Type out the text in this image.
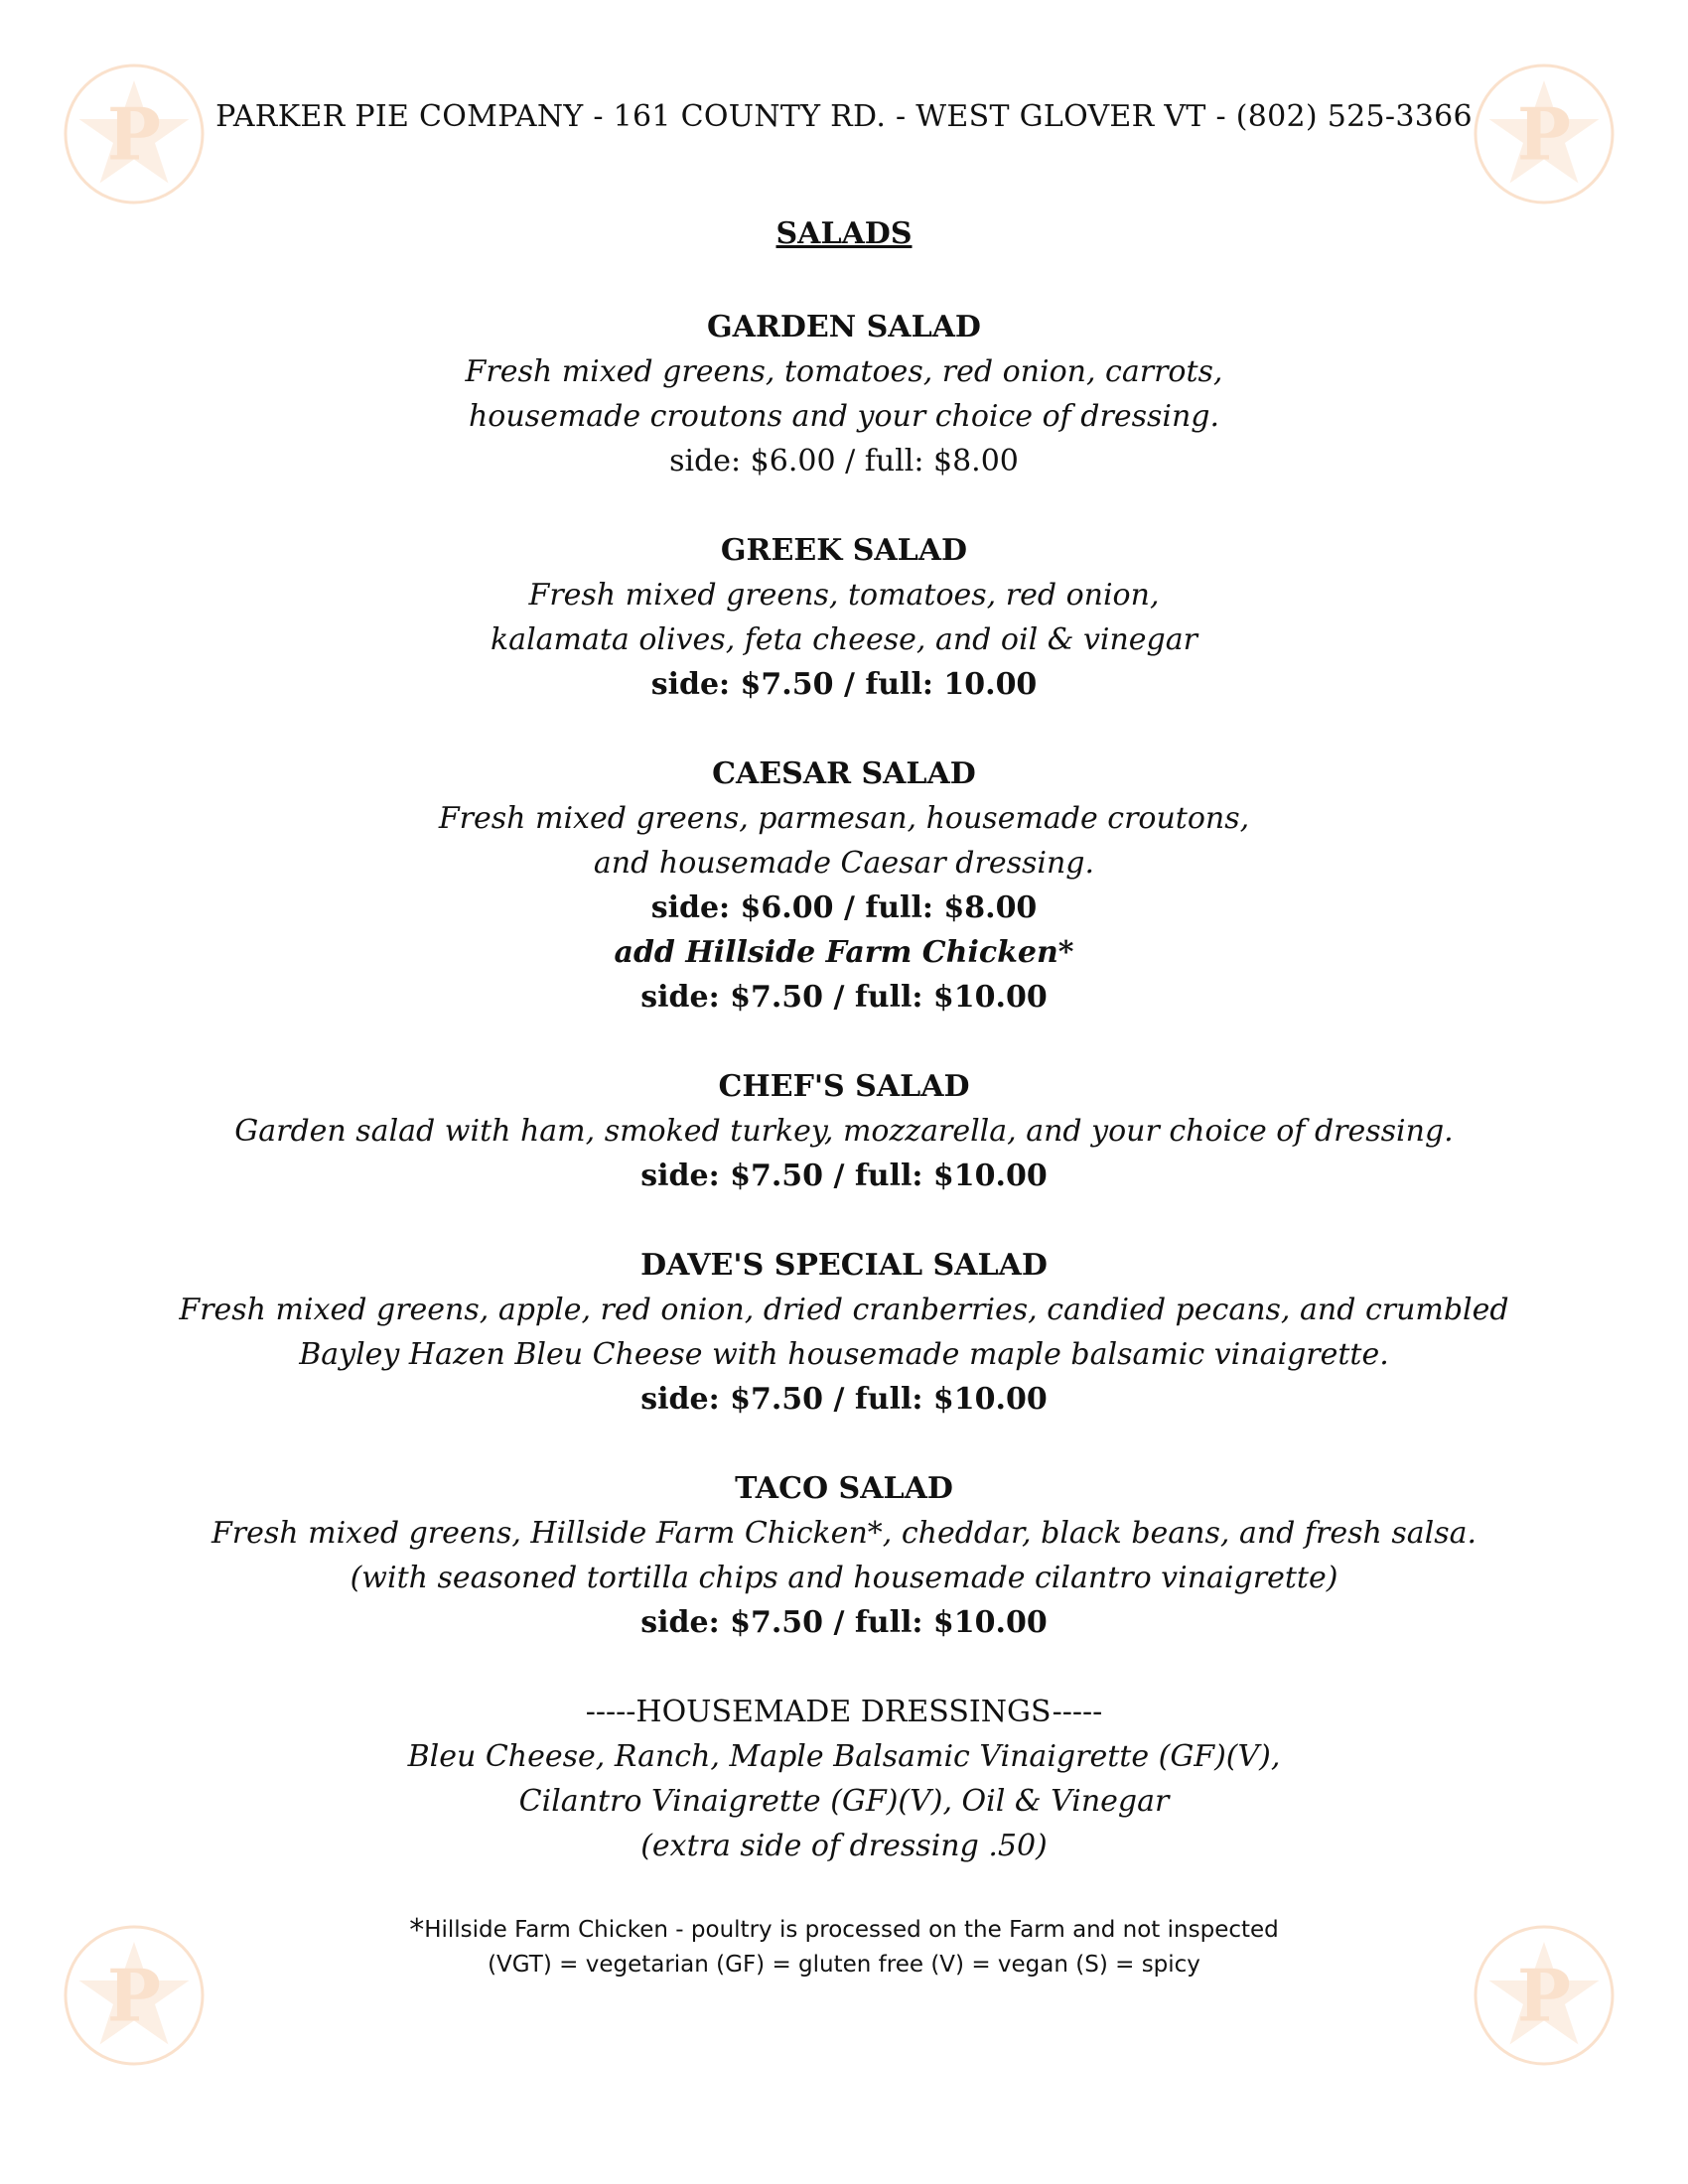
P	P
P	P
PARKER PIE COMPANY - 161 COUNTY RD. - WEST GLOVER VT - (802) 525-3366
SALADS
GARDEN SALAD
Fresh mixed greens, tomatoes, red onion, carrots,
housemade croutons and your choice of dressing.
side: $6.00 / full: $8.00
GREEK SALAD
Fresh mixed greens, tomatoes, red onion,
kalamata olives, feta cheese, and oil & vinegar
side: $7.50 / full: 10.00
CAESAR SALAD
Fresh mixed greens, parmesan, housemade croutons,
and housemade Caesar dressing.
side: $6.00 / full: $8.00
add Hillside Farm Chicken*
side: $7.50 / full: $10.00
CHEF'S SALAD
Garden salad with ham, smoked turkey, mozzarella, and your choice of dressing.
side: $7.50 / full: $10.00
DAVE'S SPECIAL SALAD
Fresh mixed greens, apple, red onion, dried cranberries, candied pecans, and crumbled
Bayley Hazen Bleu Cheese with housemade maple balsamic vinaigrette.
side: $7.50 / full: $10.00
TACO SALAD
Fresh mixed greens, Hillside Farm Chicken*, cheddar, black beans, and fresh salsa.
(with seasoned tortilla chips and housemade cilantro vinaigrette)
side: $7.50 / full: $10.00
-----HOUSEMADE DRESSINGS-----
Bleu Cheese, Ranch, Maple Balsamic Vinaigrette (GF)(V),
Cilantro Vinaigrette (GF)(V), Oil & Vinegar
(extra side of dressing .50)
*Hillside Farm Chicken - poultry is processed on the Farm and not inspected
(VGT) = vegetarian (GF) = gluten free (V) = vegan (S) = spicy
